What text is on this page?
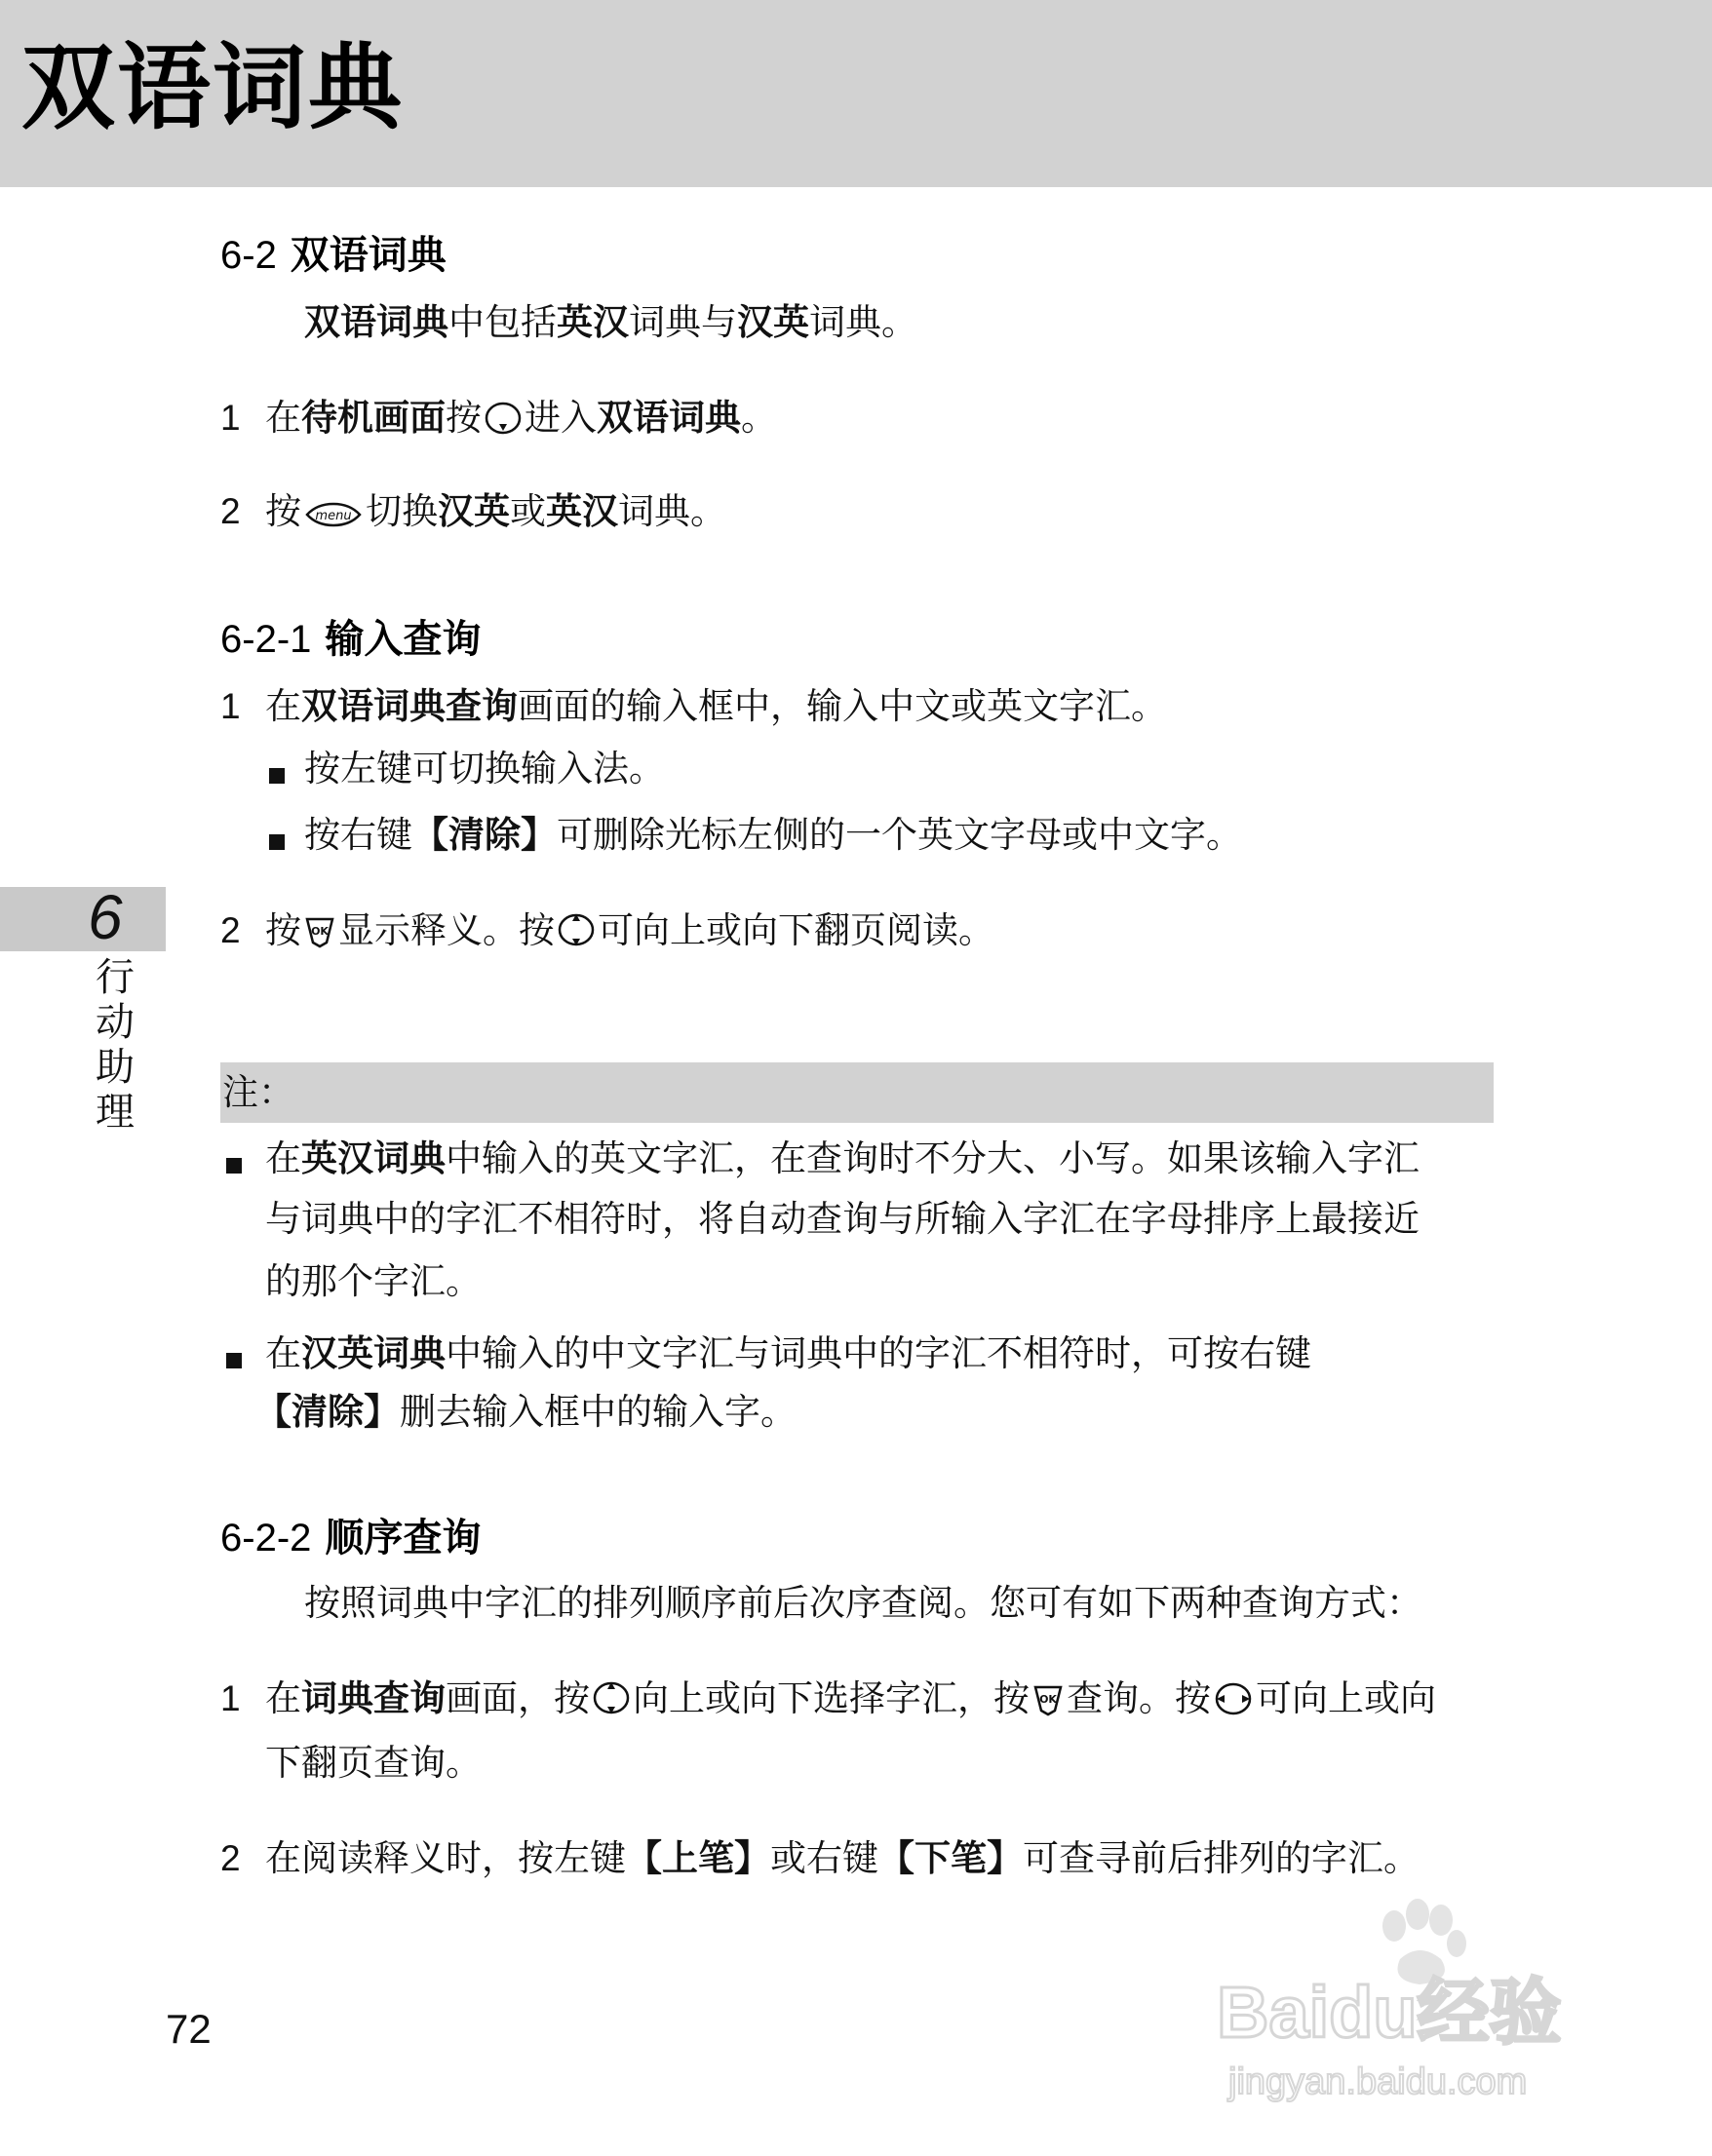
双语词典
6-2 双语词典
双语词典中包括英汉词典与汉英词典。
1 在待机画面按 进入双语词典。
2 按 menu 切换汉英或英汉词典。
6-2-1 输入查询
1 在双语词典查询画面的输入框中，输入中文或英文字汇。
按左键可切换输入法。
按右键【清除】可删除光标左侧的一个英文字母或中文字。
2 按 OK 显示释义。按 可向上或向下翻页阅读。
6
行
动
助
理 注：
在英汉词典中输入的英文字汇，在查询时不分大、小写。如果该输入字汇
与词典中的字汇不相符时，将自动查询与所输入字汇在字母排序上最接近
的那个字汇。
在汉英词典中输入的中文字汇与词典中的字汇不相符时，可按右键
【清除】删去输入框中的输入字。
6-2-2 顺序查询
按照词典中字汇的排列顺序前后次序查阅。您可有如下两种查询方式：
1 在词典查询画面，按 向上或向下选择字汇，按 OK 查询。按 可向上或向
下翻页查询。
2 在阅读释义时，按左键【上笔】或右键【下笔】可查寻前后排列的字汇。
72	Baidu经验
jingyan.baidu.com
